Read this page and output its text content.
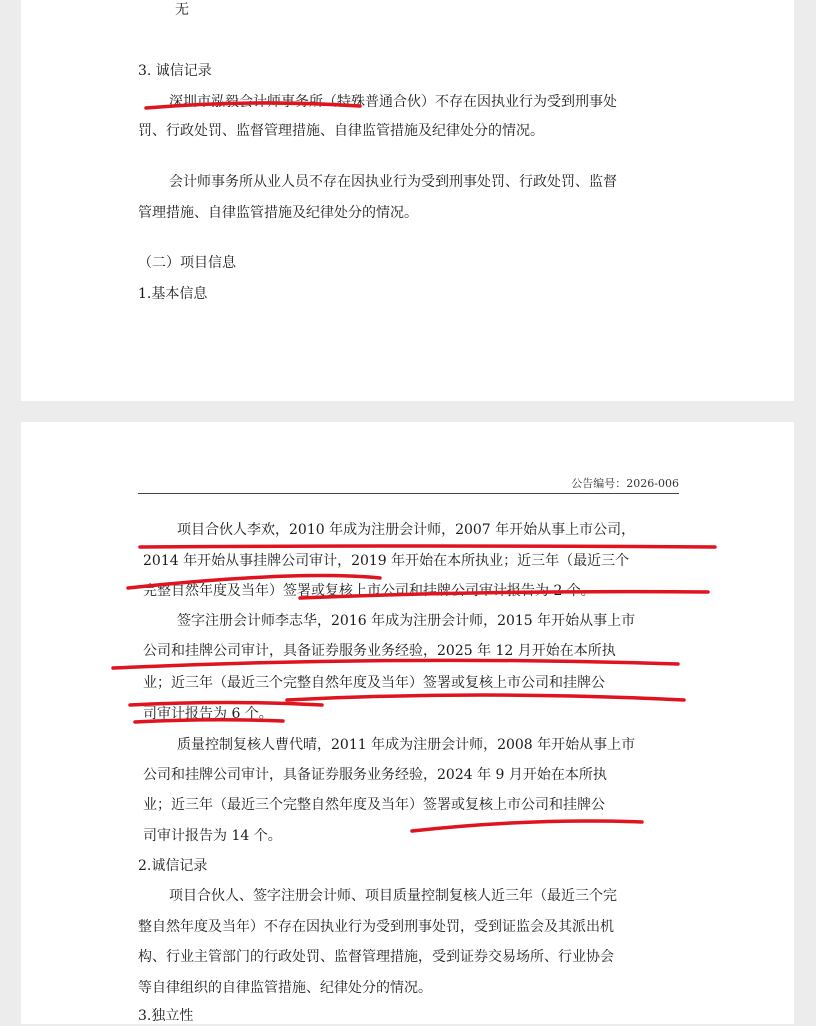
无

3. 诚信记录

深圳市泓毅会计师事务所（特殊普通合伙）不存在因执业行为受到刑事处

罚、行政处罚、监督管理措施、自律监管措施及纪律处分的情况。

会计师事务所从业人员不存在因执业行为受到刑事处罚、行政处罚、监督

管理措施、自律监管措施及纪律处分的情况。

（二）项目信息

1.基本信息

公告编号：2026-006

项目合伙人李欢，2010 年成为注册会计师，2007 年开始从事上市公司，

2014 年开始从事挂牌公司审计，2019 年开始在本所执业；近三年（最近三个

完整自然年度及当年）签署或复核上市公司和挂牌公司审计报告为 2 个。

签字注册会计师李志华，2016 年成为注册会计师，2015 年开始从事上市

公司和挂牌公司审计，具备证券服务业务经验，2025 年 12 月开始在本所执

业；近三年（最近三个完整自然年度及当年）签署或复核上市公司和挂牌公

司审计报告为 6 个。

质量控制复核人曹代晴，2011 年成为注册会计师，2008 年开始从事上市

公司和挂牌公司审计，具备证券服务业务经验，2024 年 9 月开始在本所执

业；近三年（最近三个完整自然年度及当年）签署或复核上市公司和挂牌公

司审计报告为 14 个。

2.诚信记录

项目合伙人、签字注册会计师、项目质量控制复核人近三年（最近三个完

整自然年度及当年）不存在因执业行为受到刑事处罚，受到证监会及其派出机

构、行业主管部门的行政处罚、监督管理措施，受到证券交易场所、行业协会

等自律组织的自律监管措施、纪律处分的情况。

3.独立性
